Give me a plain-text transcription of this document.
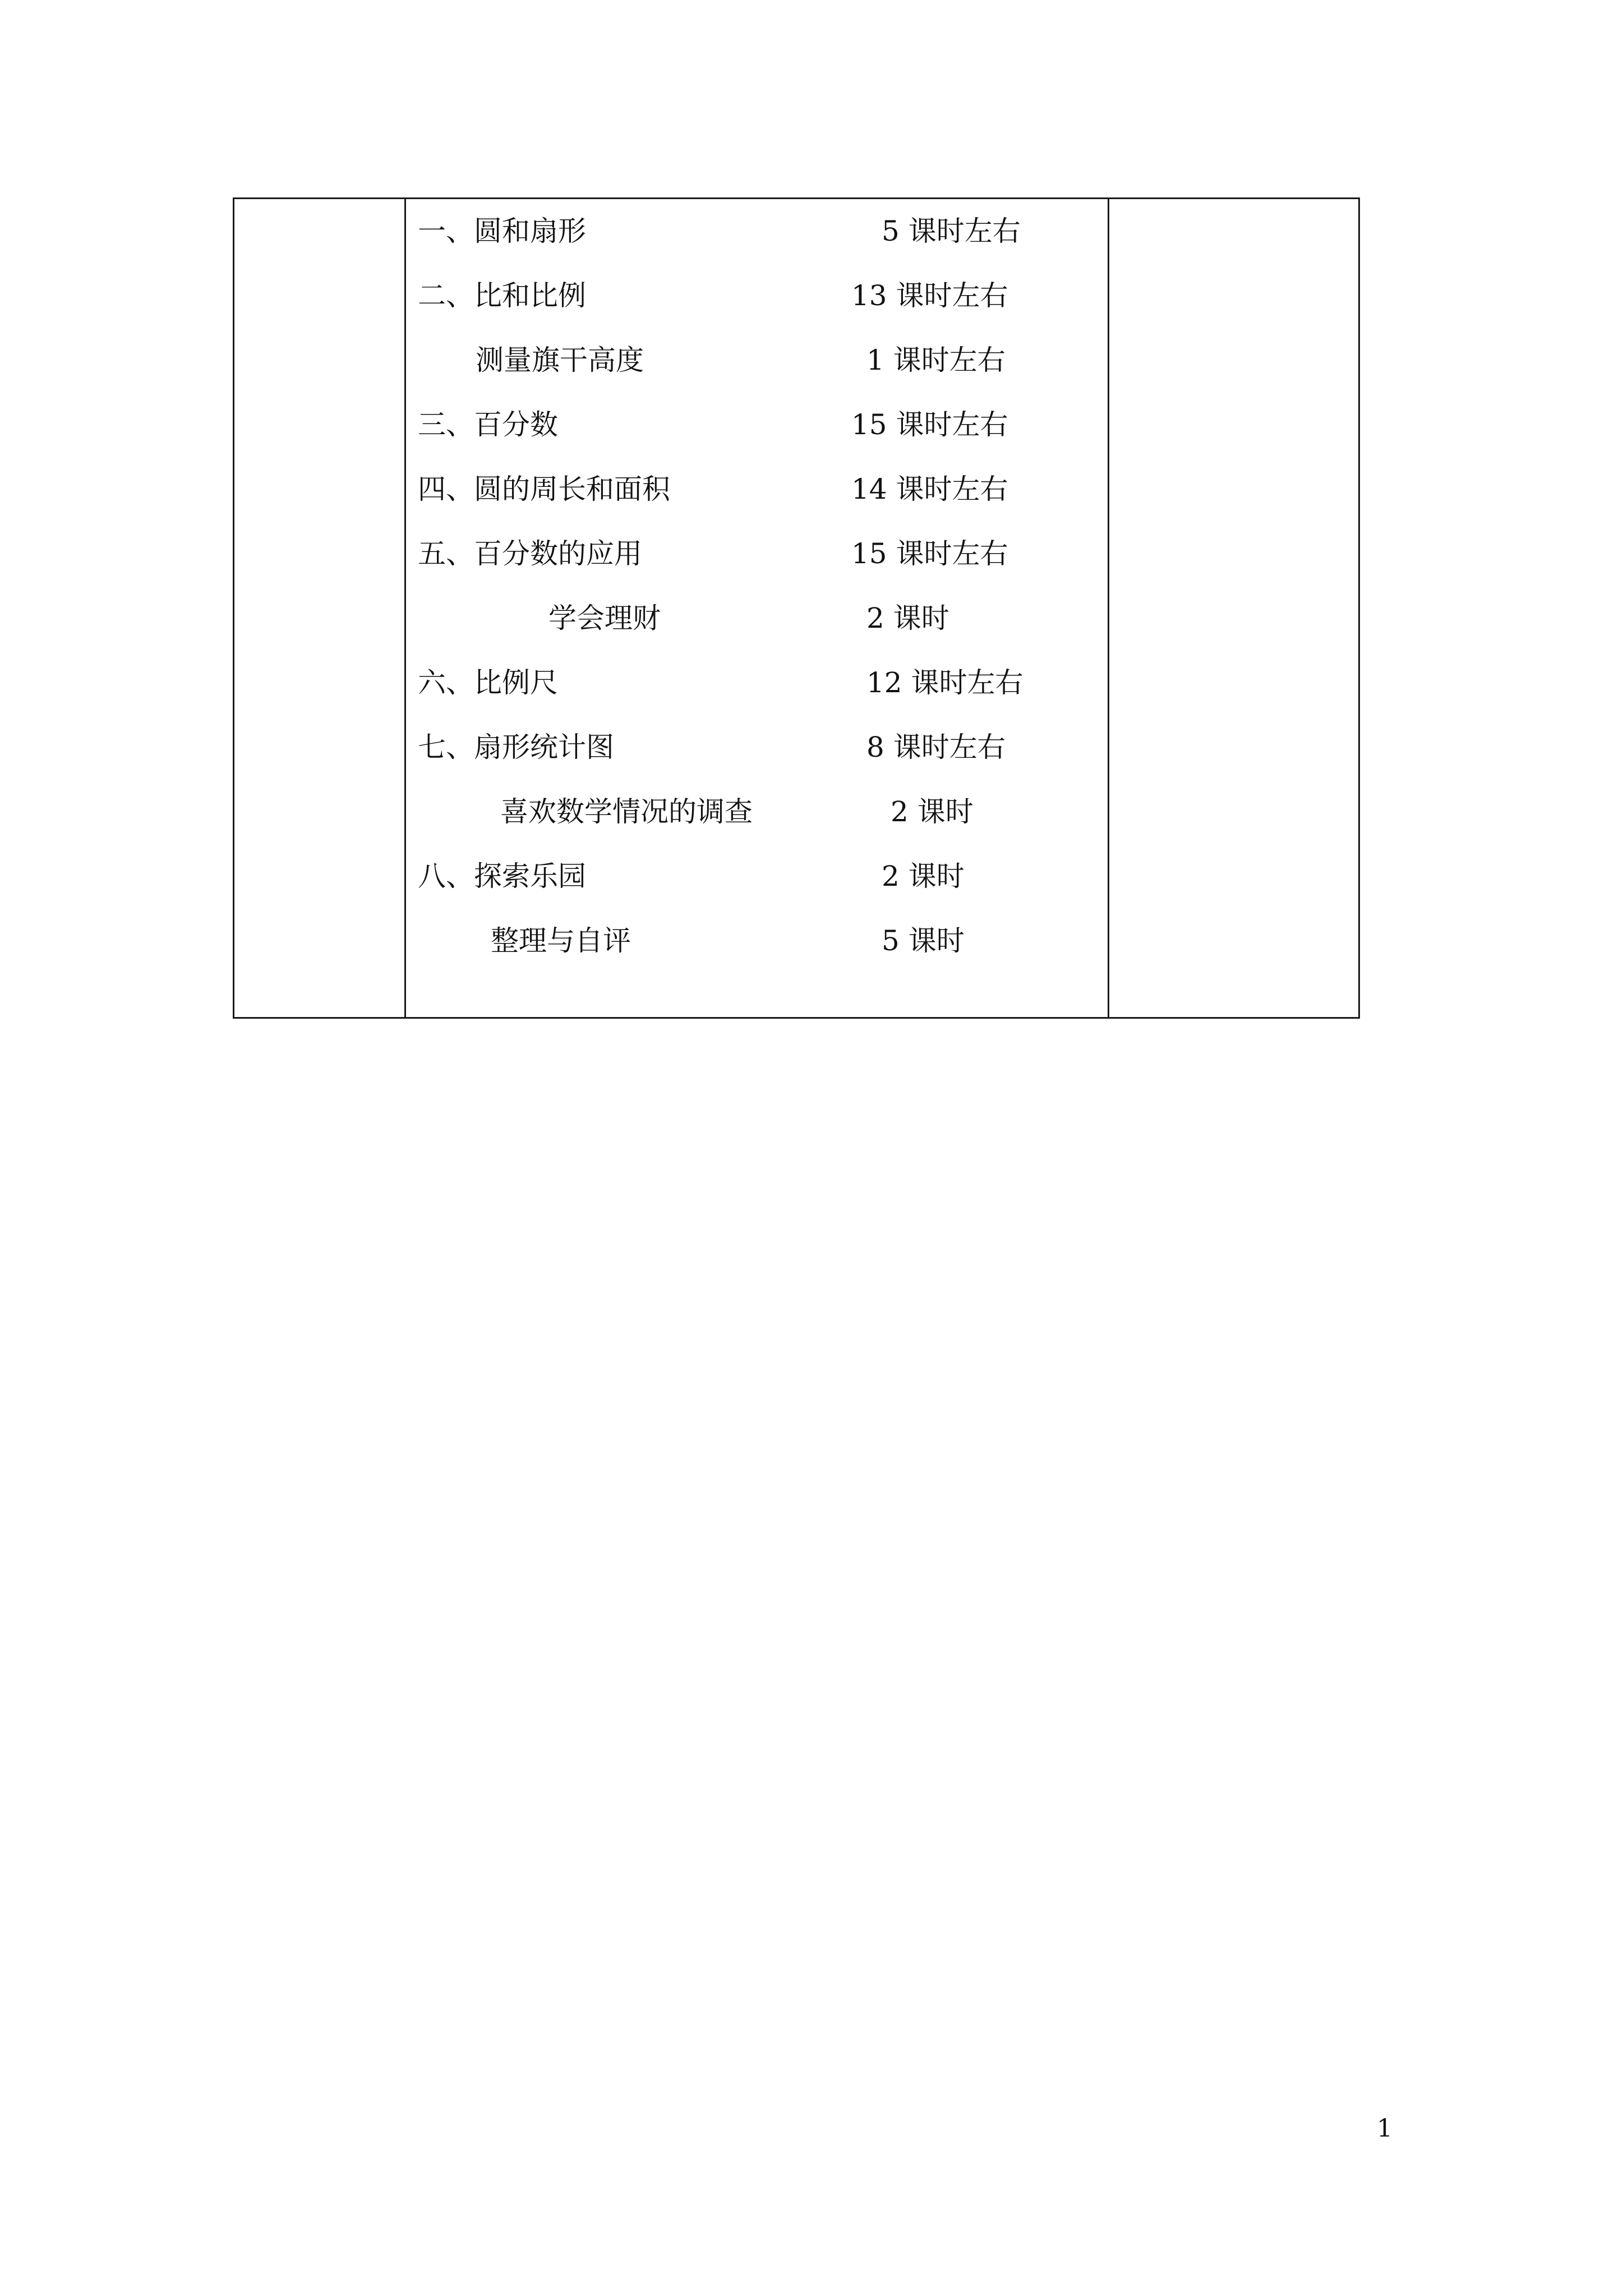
一、圆和扇形	5 课时左右
二、比和比例	13 课时左右
测量旗干高度	1 课时左右
三、百分数	15 课时左右
四、圆的周长和面积	14 课时左右
五、百分数的应用	15 课时左右
学会理财	2 课时
六、比例尺	12 课时左右
七、扇形统计图	8 课时左右
喜欢数学情况的调查	2 课时
八、探索乐园	2 课时
整理与自评	5 课时
1
